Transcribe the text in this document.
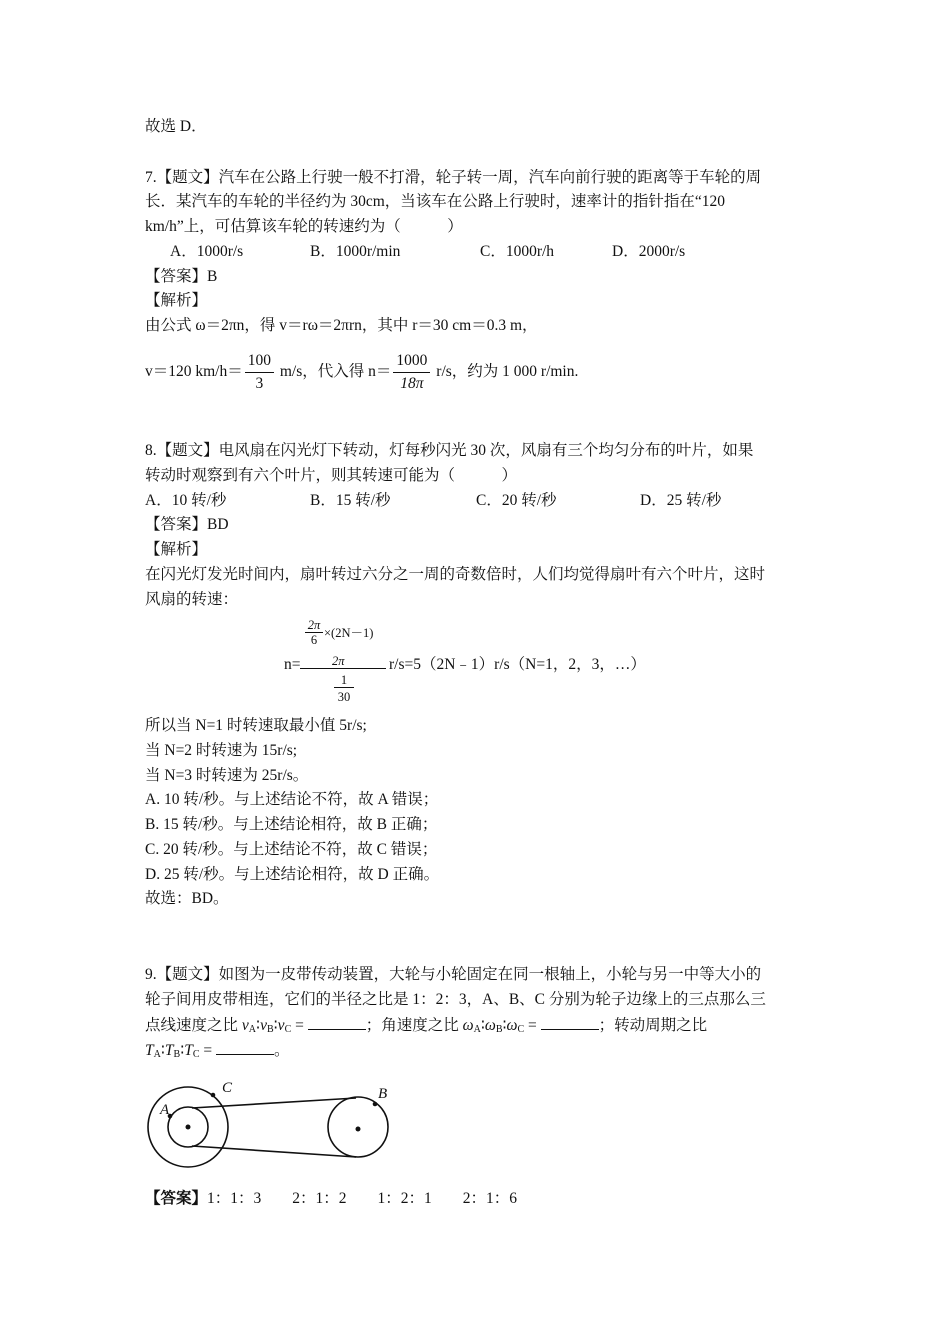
故选 D．
7.【题文】汽车在公路上行驶一般不打滑，轮子转一周，汽车向前行驶的距离等于车轮的周
长．某汽车的车轮的半径约为 30cm，当该车在公路上行驶时，速率计的指针指在“120
km/h”上，可估算该车轮的转速约为（　　　）
A．1000r/s	B．1000r/min	C．1000r/h	D．2000r/s
【答案】B
【解析】
由公式 ω＝2πn，得 v＝rω＝2πrn，其中 r＝30 cm＝0.3 m，
v＝120 $km/h= \frac{100}{3} m/s$，代入得 $n= \frac{1000}{18\pi} r/s$，约为 1 000 r/min.
8.【题文】电风扇在闪光灯下转动，灯每秒闪光 30 次，风扇有三个均匀分布的叶片，如果
转动时观察到有六个叶片，则其转速可能为（　　　）
A．10 转/秒	B．15 转/秒	C．20 转/秒	D．25 转/秒
【答案】BD
【解析】
在闪光灯发光时间内，扇叶转过六分之一周的奇数倍时，人们均觉得扇叶有六个叶片，这时
风扇的转速：
n=
$\frac{2\pi}{6} \times(2N-1)$
2π
$\frac{1}{30}$
r/s=5（2N﹣1）r/s（N=1，2，3，…）
所以当 N=1 时转速取最小值 5r/s;
当 N=2 时转速为 15r/s;
当 N=3 时转速为 25r/s。
A. 10 转/秒。与上述结论不符，故 A 错误；
B. 15 转/秒。与上述结论相符，故 B 正确；
C. 20 转/秒。与上述结论不符，故 C 错误；
D. 25 转/秒。与上述结论相符，故 D 正确。
故选：BD。
9.【题文】如图为一皮带传动装置，大轮与小轮固定在同一根轴上，小轮与另一中等大小的
轮子间用皮带相连，它们的半径之比是 1：2：3，A、B、C 分别为轮子边缘上的三点那么三
点线速度之比 $v_A∶v_B∶v_C$ =	；角速度之比 $\omega_A∶\omega_B∶\omega_C$ =	；转动周期之比
$T_A∶T_B∶T_C$ =	。
A
C	B
【答案】1：1：3　　2：1：2　　1：2：1　　2：1：6
